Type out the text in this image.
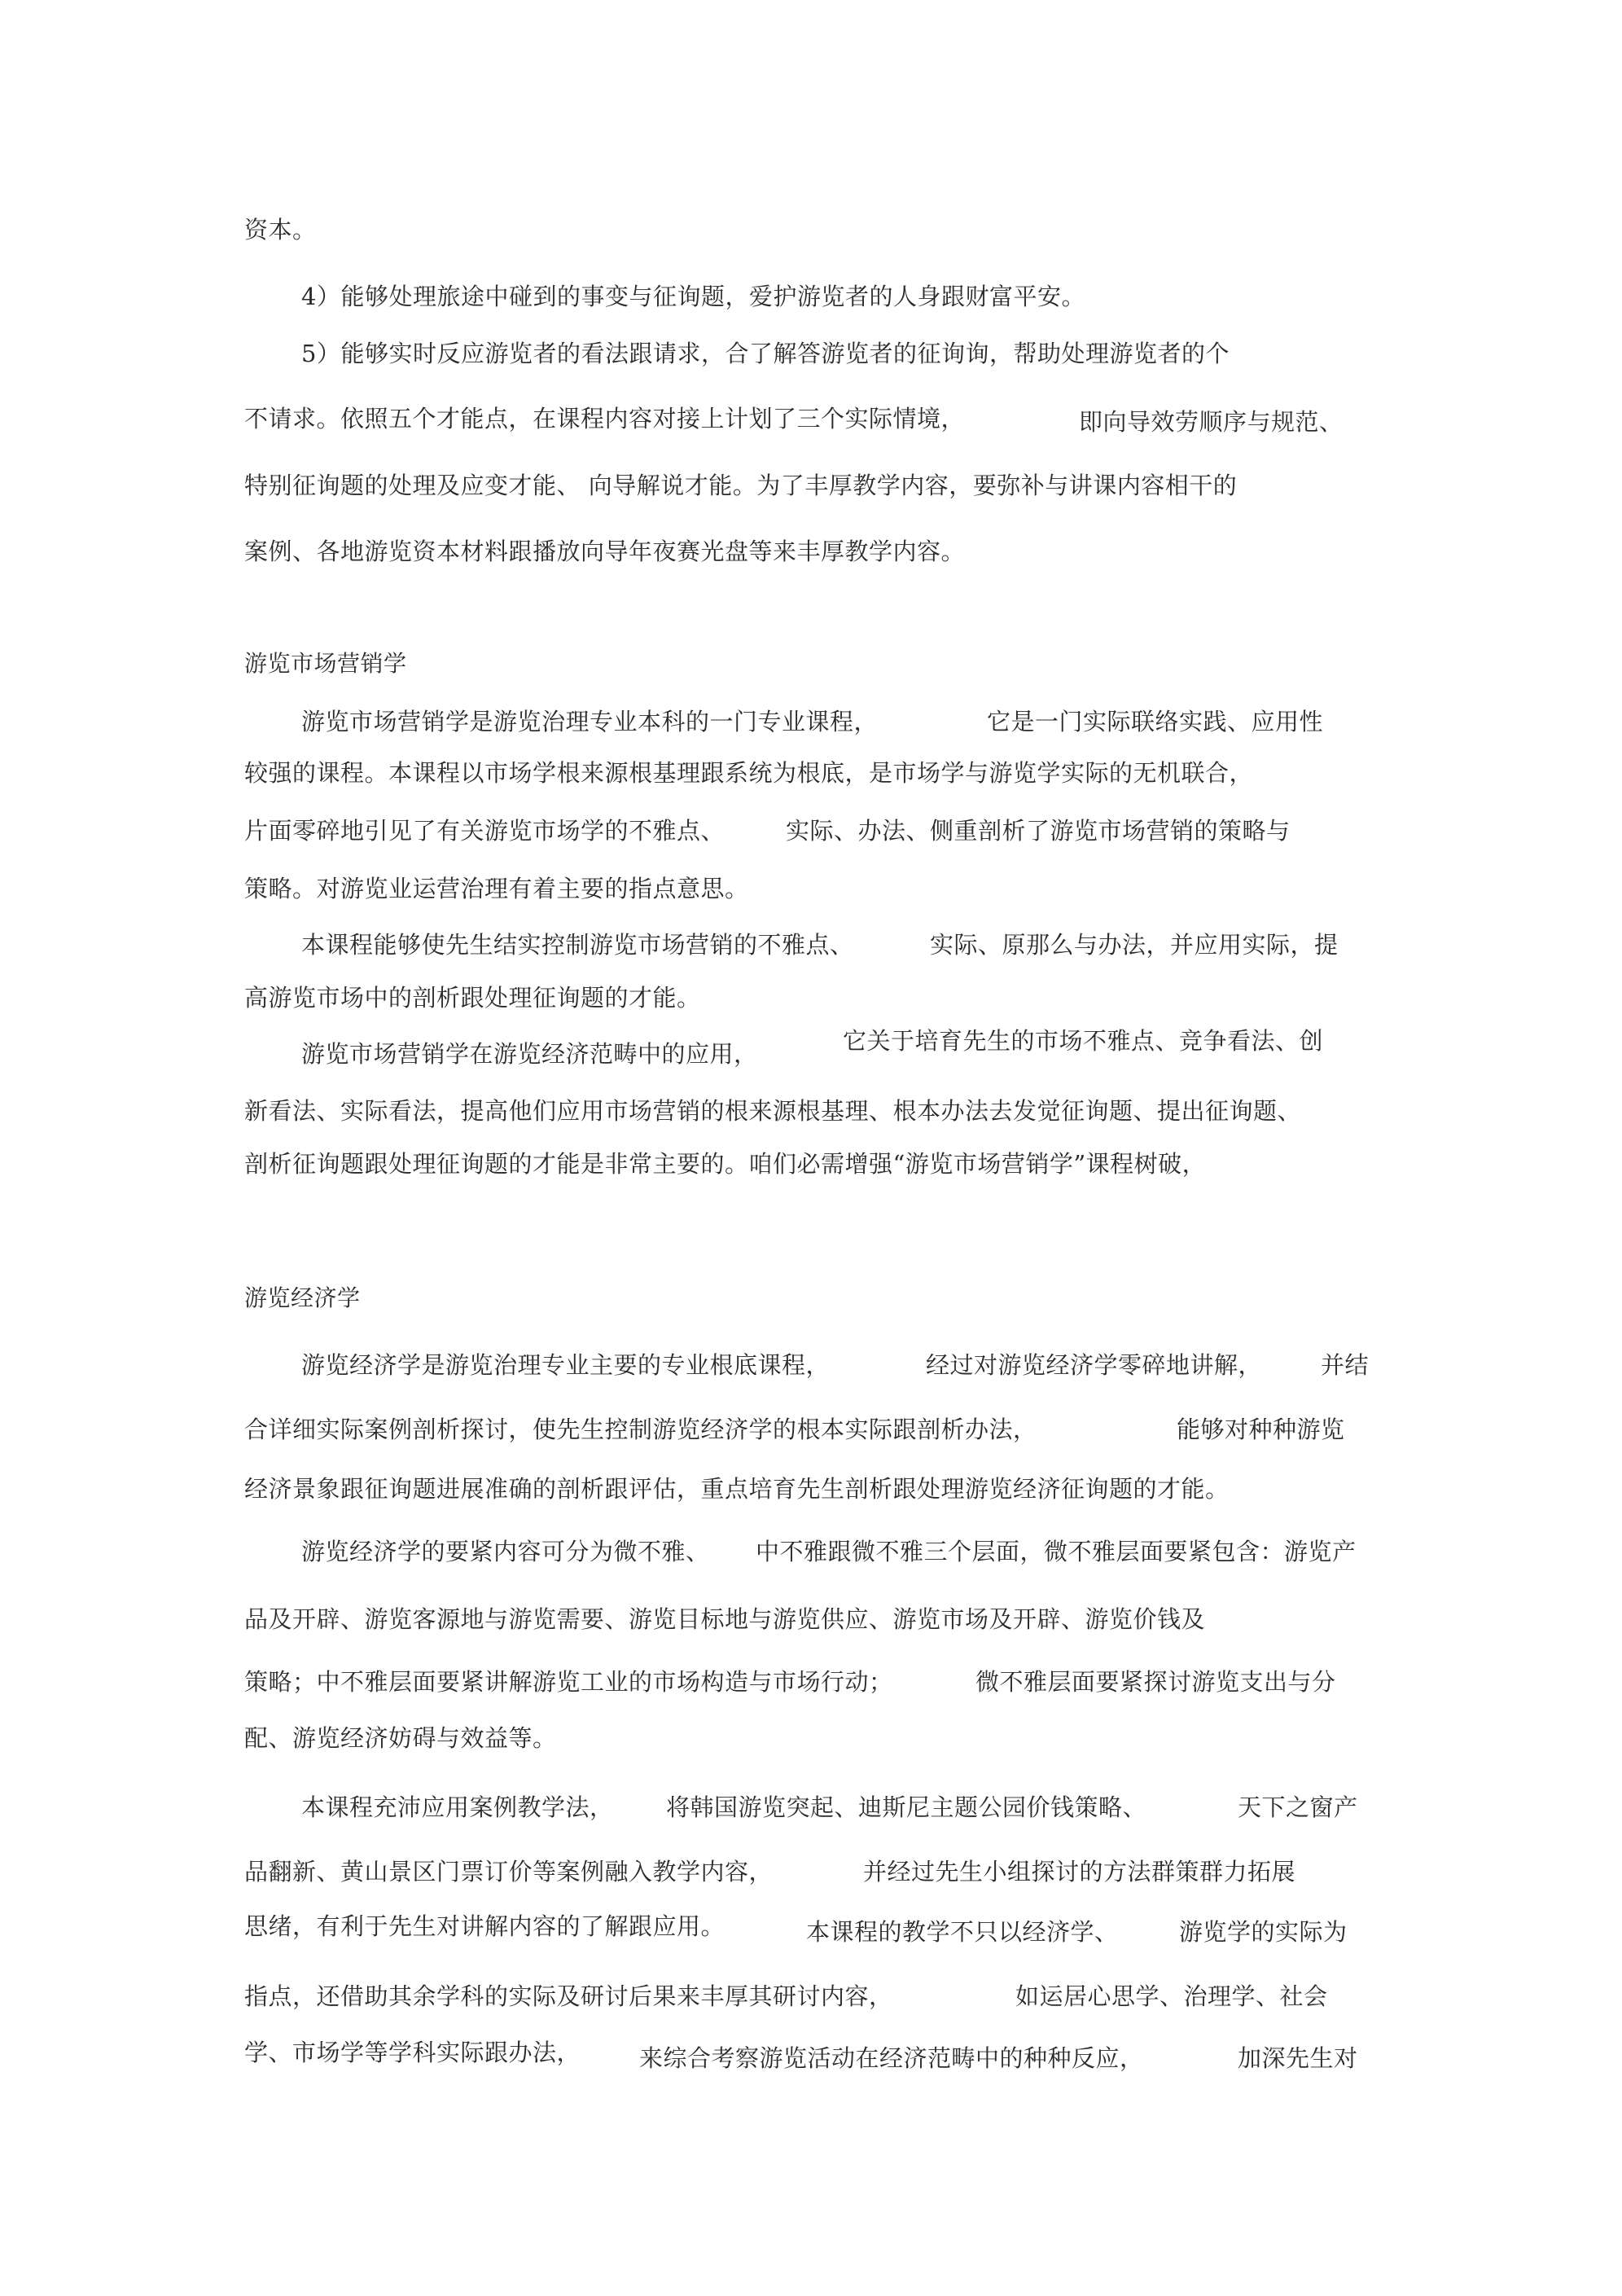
资本。
4）能够处理旅途中碰到的事变与征询题，爱护游览者的人身跟财富平安。
5）能够实时反应游览者的看法跟请求，合了解答游览者的征询询，帮助处理游览者的个
不请求。依照五个才能点，在课程内容对接上计划了三个实际情境，	即向导效劳顺序与规范、
特别征询题的处理及应变才能、 向导解说才能。为了丰厚教学内容，要弥补与讲课内容相干的
案例、各地游览资本材料跟播放向导年夜赛光盘等来丰厚教学内容。
游览市场营销学
游览市场营销学是游览治理专业本科的一门专业课程，	它是一门实际联络实践、应用性
较强的课程。本课程以市场学根来源根基理跟系统为根底，是市场学与游览学实际的无机联合，
片面零碎地引见了有关游览市场学的不雅点、	实际、办法、侧重剖析了游览市场营销的策略与
策略。对游览业运营治理有着主要的指点意思。
本课程能够使先生结实控制游览市场营销的不雅点、	实际、原那么与办法，并应用实际，提
高游览市场中的剖析跟处理征询题的才能。
游览市场营销学在游览经济范畴中的应用，	它关于培育先生的市场不雅点、竞争看法、创
新看法、实际看法，提高他们应用市场营销的根来源根基理、根本办法去发觉征询题、提出征询题、
剖析征询题跟处理征询题的才能是非常主要的。咱们必需增强“游览市场营销学”课程树破，
游览经济学
游览经济学是游览治理专业主要的专业根底课程，	经过对游览经济学零碎地讲解， 并结
合详细实际案例剖析探讨，使先生控制游览经济学的根本实际跟剖析办法，	能够对种种游览
经济景象跟征询题进展准确的剖析跟评估，重点培育先生剖析跟处理游览经济征询题的才能。
游览经济学的要紧内容可分为微不雅、 中不雅跟微不雅三个层面，微不雅层面要紧包含：游览产
品及开辟、游览客源地与游览需要、游览目标地与游览供应、游览市场及开辟、游览价钱及
策略；中不雅层面要紧讲解游览工业的市场构造与市场行动；	微不雅层面要紧探讨游览支出与分
配、游览经济妨碍与效益等。
本课程充沛应用案例教学法， 将韩国游览突起、迪斯尼主题公园价钱策略、	天下之窗产
品翻新、黄山景区门票订价等案例融入教学内容，	并经过先生小组探讨的方法群策群力拓展
思绪，有利于先生对讲解内容的了解跟应用。	本课程的教学不只以经济学、	游览学的实际为
指点，还借助其余学科的实际及研讨后果来丰厚其研讨内容，	如运居心思学、治理学、社会
学、市场学等学科实际跟办法， 来综合考察游览活动在经济范畴中的种种反应，	加深先生对
